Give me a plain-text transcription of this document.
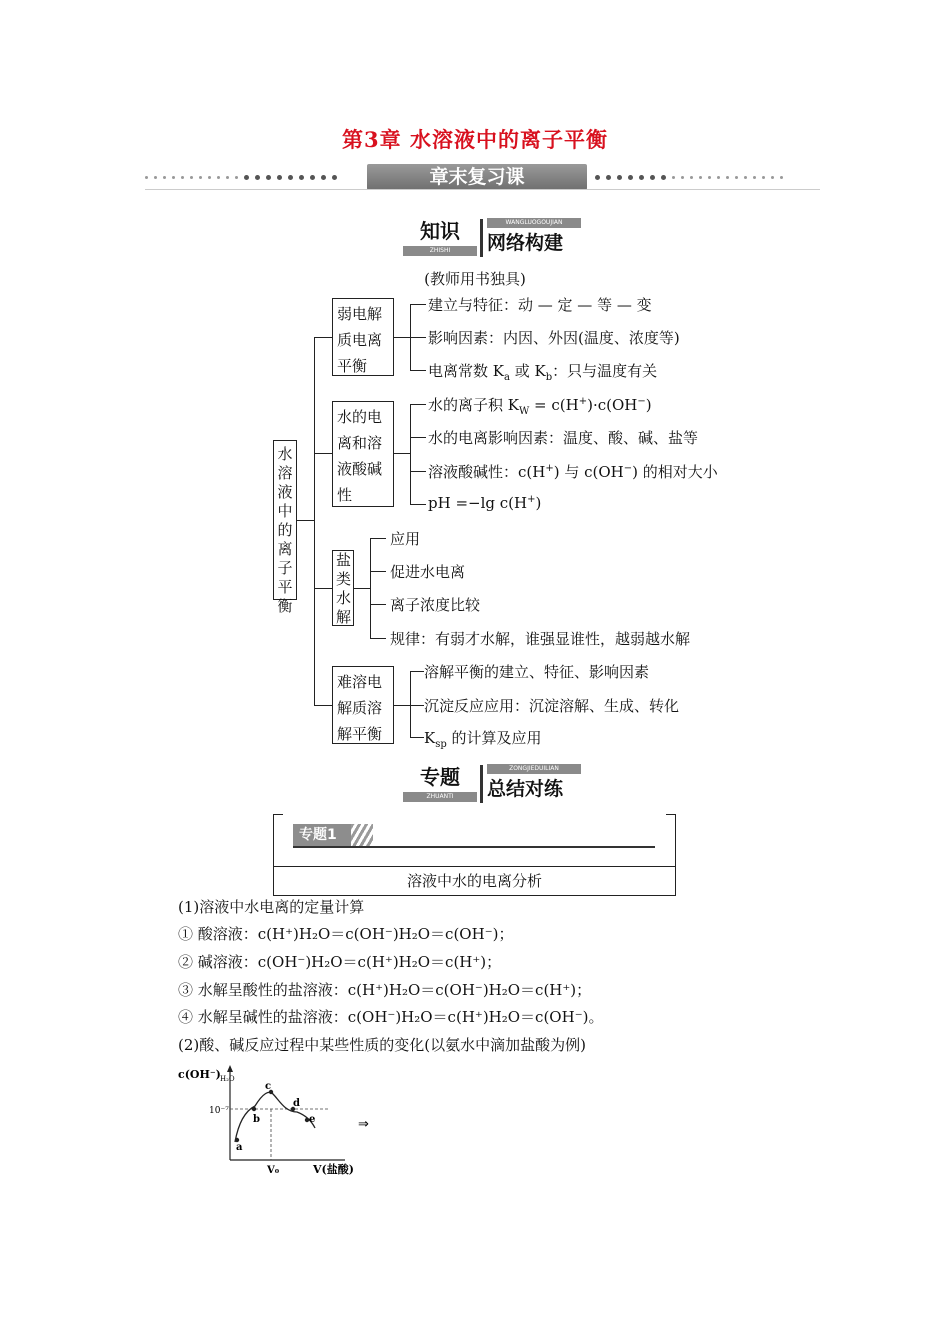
第3章 水溶液中的离子平衡
章末复习课
知识
ZHISHI
WANGLUOGOUJIAN
网络构建
(教师用书独具)
水溶液中的离子平衡
弱电解质电离平衡
建立与特征：动 — 定 — 等 — 变
影响因素：内因、外因(温度、浓度等)
电离常数 $K_a$ 或 $K_b$：只与温度有关
水的电离和溶液酸碱性
水的离子积 $K_W = c(H^+)\cdot c(OH^-)$
水的电离影响因素：温度、酸、碱、盐等
溶液酸碱性：c(H+) 与 c(OH−) 的相对大小
pH =−lg c(H+)
盐类水解
应用
促进水电离
离子浓度比较
规律：有弱才水解，谁强显谁性，越弱越水解
难溶电解质溶解平衡
溶解平衡的建立、特征、影响因素
沉淀反应应用：沉淀溶解、生成、转化
$K_{sp}$ 的计算及应用
专题
ZHUANTI
ZONGJIEDUILIAN
总结对练
专题1
溶液中水的电离分析
(1)溶液中水电离的定量计算
① 酸溶液：c(H⁺)H₂O＝c(OH⁻)H₂O＝c(OH⁻)；
② 碱溶液：c(OH⁻)H₂O＝c(H⁺)H₂O＝c(H⁺)；
③ 水解呈酸性的盐溶液：c(H⁺)H₂O＝c(OH⁻)H₂O＝c(H⁺)；
④ 水解呈碱性的盐溶液：c(OH⁻)H₂O＝c(H⁺)H₂O＝c(OH⁻)。
(2)酸、碱反应过程中某些性质的变化(以氨水中滴加盐酸为例)
c(OH⁻) H₂O
10⁻⁷
a
b
c
d
e
V₀	V(盐酸)
⇒
